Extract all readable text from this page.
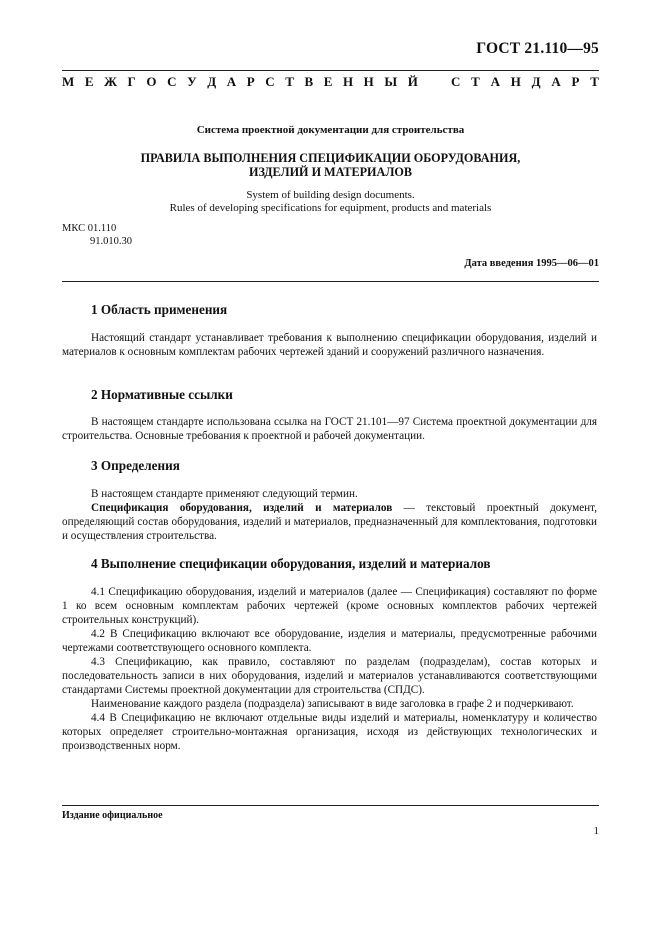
ГОСТ 21.110—95
М Е Ж Г О С У Д А Р С Т В Е Н Н Ы Й	С Т А Н Д А Р Т
Система проектной документации для строительства
ПРАВИЛА ВЫПОЛНЕНИЯ СПЕЦИФИКАЦИИ ОБОРУДОВАНИЯ,
ИЗДЕЛИЙ И МАТЕРИАЛОВ
System of building design documents.
Rules of developing specifications for equipment, products and materials
МКС 01.110
91.010.30
Дата введения 1995—06—01
1 Область применения

Настоящий стандарт устанавливает требования к выполнению спецификации оборудования, изделий и материалов к основным комплектам рабочих чертежей зданий и сооружений различного назначения.

2 Нормативные ссылки

В настоящем стандарте использована ссылка на ГОСТ 21.101—97 Система проектной документации для строительства. Основные требования к проектной и рабочей документации.

3 Определения

В настоящем стандарте применяют следующий термин.

Спецификация оборудования, изделий и материалов — текстовый проектный документ, определяющий состав оборудования, изделий и материалов, предназначенный для комплектования, подготовки и осуществления строительства.

4 Выполнение спецификации оборудования, изделий и материалов

4.1 Спецификацию оборудования, изделий и материалов (далее — Спецификация) составляют по форме 1 ко всем основным комплектам рабочих чертежей (кроме основных комплектов рабочих чертежей строительных конструкций).

4.2 В Спецификацию включают все оборудование, изделия и материалы, предусмотренные рабочими чертежами соответствующего основного комплекта.

4.3 Спецификацию, как правило, составляют по разделам (подразделам), состав которых и последовательность записи в них оборудования, изделий и материалов устанавливаются соответствующими стандартами Системы проектной документации для строительства (СПДС).

Наименование каждого раздела (подраздела) записывают в виде заголовка в графе 2 и подчеркивают.

4.4 В Спецификацию не включают отдельные виды изделий и материалы, номенклатуру и количество которых определяет строительно-монтажная организация, исходя из действующих технологических и производственных норм.

Издание официальное
1
